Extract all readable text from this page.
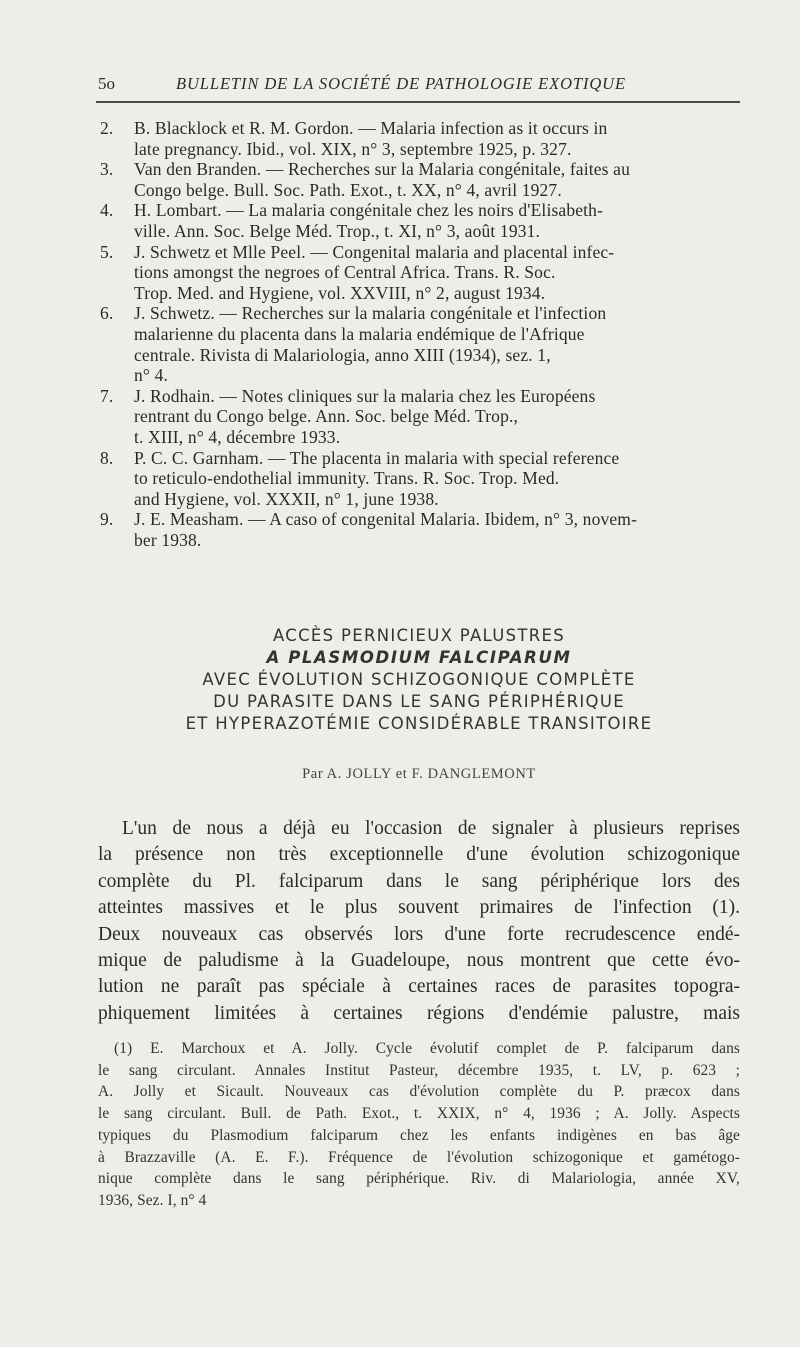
5o	BULLETIN DE LA SOCIÉTÉ DE PATHOLOGIE EXOTIQUE
2.	B. Blacklock et R. M. Gordon. — Malaria infection as it occurs in
late pregnancy. Ibid., vol. XIX, n° 3, septembre 1925, p. 327.
3.	Van den Branden. — Recherches sur la Malaria congénitale, faites au
Congo belge. Bull. Soc. Path. Exot., t. XX, n° 4, avril 1927.
4.	H. Lombart. — La malaria congénitale chez les noirs d'Elisabeth-
ville. Ann. Soc. Belge Méd. Trop., t. XI, n° 3, août 1931.
5.	J. Schwetz et Mlle Peel. — Congenital malaria and placental infec-
tions amongst the negroes of Central Africa. Trans. R. Soc.
Trop. Med. and Hygiene, vol. XXVIII, n° 2, august 1934.
6.	J. Schwetz. — Recherches sur la malaria congénitale et l'infection
malarienne du placenta dans la malaria endémique de l'Afrique
centrale. Rivista di Malariologia, anno XIII (1934), sez. 1,
n° 4.
7.	J. Rodhain. — Notes cliniques sur la malaria chez les Européens
rentrant du Congo belge. Ann. Soc. belge Méd. Trop.,
t. XIII, n° 4, décembre 1933.
8.	P. C. C. Garnham. — The placenta in malaria with special reference
to reticulo-endothelial immunity. Trans. R. Soc. Trop. Med.
and Hygiene, vol. XXXII, n° 1, june 1938.
9.	J. E. Measham. — A caso of congenital Malaria. Ibidem, n° 3, novem-
ber 1938.
ACCÈS PERNICIEUX PALUSTRES
A PLASMODIUM FALCIPARUM
AVEC ÉVOLUTION SCHIZOGONIQUE COMPLÈTE
DU PARASITE DANS LE SANG PÉRIPHÉRIQUE
ET HYPERAZOTÉMIE CONSIDÉRABLE TRANSITOIRE
Par A. JOLLY et F. DANGLEMONT
L'un de nous a déjà eu l'occasion de signaler à plusieurs reprises
la présence non très exceptionnelle d'une évolution schizogonique
complète du Pl. falciparum dans le sang périphérique lors des
atteintes massives et le plus souvent primaires de l'infection (1).
Deux nouveaux cas observés lors d'une forte recrudescence endé-
mique de paludisme à la Guadeloupe, nous montrent que cette évo-
lution ne paraît pas spéciale à certaines races de parasites topogra-
phiquement limitées à certaines régions d'endémie palustre, mais
(1) E. Marchoux et A. Jolly. Cycle évolutif complet de P. falciparum dans
le sang circulant. Annales Institut Pasteur, décembre 1935, t. LV, p. 623 ;
A. Jolly et Sicault. Nouveaux cas d'évolution complète du P. præcox dans
le sang circulant. Bull. de Path. Exot., t. XXIX, n° 4, 1936 ; A. Jolly. Aspects
typiques du Plasmodium falciparum chez les enfants indigènes en bas âge
à Brazzaville (A. E. F.). Fréquence de l'évolution schizogonique et gamétogo-
nique complète dans le sang périphérique. Riv. di Malariologia, année XV,
1936, Sez. I, n° 4
